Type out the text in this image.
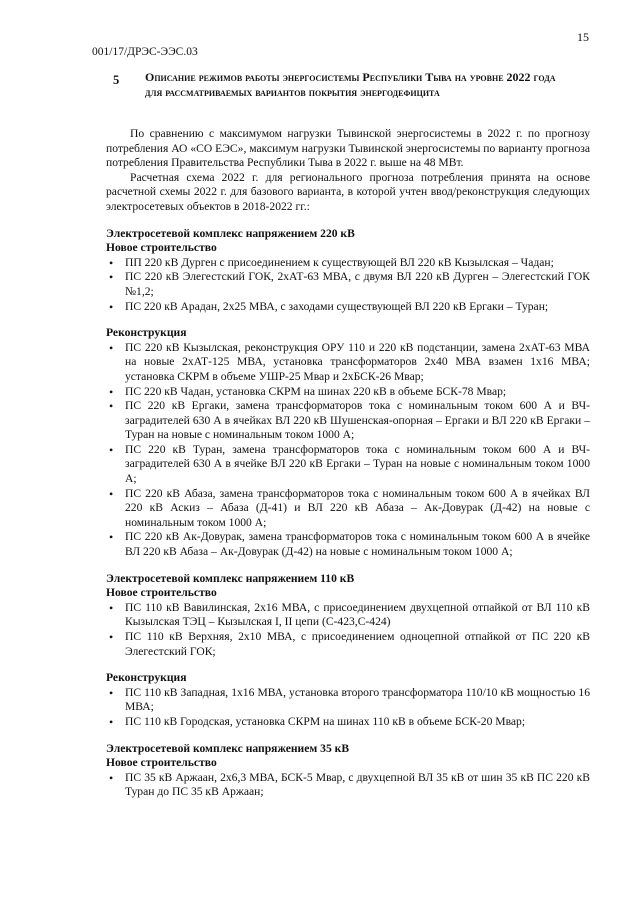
15
001/17/ДРЭС-ЭЭС.03
5 Описание режимов работы энергосистемы Республики Тыва на уровне 2022 года для рассматриваемых вариантов покрытия энергодефицита

По сравнению с максимумом нагрузки Тывинской энергосистемы в 2022 г. по прогнозу потребления АО «СО ЕЭС», максимум нагрузки Тывинской энергосистемы по варианту прогноза потребления Правительства Республики Тыва в 2022 г. выше на 48 МВт.

Расчетная схема 2022 г. для регионального прогноза потребления принята на основе расчетной схемы 2022 г. для базового варианта, в которой учтен ввод/реконструкция следующих электросетевых объектов в 2018-2022 гг.:

Электросетевой комплекс напряжением 220 кВ
Новое строительство
• ПП 220 кВ Дурген с присоединением к существующей ВЛ 220 кВ Кызылская – Чадан;
• ПС 220 кВ Элегестский ГОК, 2хАТ-63 МВА, с двумя ВЛ 220 кВ Дурген – Элегестский ГОК №1,2;
• ПС 220 кВ Арадан, 2х25 МВА, с заходами существующей ВЛ 220 кВ Ергаки – Туран;
Реконструкция
• ПС 220 кВ Кызылская, реконструкция ОРУ 110 и 220 кВ подстанции, замена 2хАТ-63 МВА на новые 2хАТ-125 МВА, установка трансформаторов 2х40 МВА взамен 1х16 МВА; установка СКРМ в объеме УШР-25 Мвар и 2хБСК-26 Мвар;
• ПС 220 кВ Чадан, установка СКРМ на шинах 220 кВ в объеме БСК-78 Мвар;
• ПС 220 кВ Ергаки, замена трансформаторов тока с номинальным током 600 А и ВЧ-заградителей 630 А в ячейках ВЛ 220 кВ Шушенская-опорная – Ергаки и ВЛ 220 кВ Ергаки – Туран на новые с номинальным током 1000 А;
• ПС 220 кВ Туран, замена трансформаторов тока с номинальным током 600 А и ВЧ-заградителей 630 А в ячейке ВЛ 220 кВ Ергаки – Туран на новые с номинальным током 1000 А;
• ПС 220 кВ Абаза, замена трансформаторов тока с номинальным током 600 А в ячейках ВЛ 220 кВ Аскиз – Абаза (Д-41) и ВЛ 220 кВ Абаза – Ак-Довурак (Д-42) на новые с номинальным током 1000 А;
• ПС 220 кВ Ак-Довурак, замена трансформаторов тока с номинальным током 600 А в ячейке ВЛ 220 кВ Абаза – Ак-Довурак (Д-42) на новые с номинальным током 1000 А;
Электросетевой комплекс напряжением 110 кВ
Новое строительство
• ПС 110 кВ Вавилинская, 2х16 МВА, с присоединением двухцепной отпайкой от ВЛ 110 кВ Кызылская ТЭЦ – Кызылская I, II цепи (С-423,С-424)
• ПС 110 кВ Верхняя, 2х10 МВА, с присоединением одноцепной отпайкой от ПС 220 кВ Элегестский ГОК;
Реконструкция
• ПС 110 кВ Западная, 1х16 МВА, установка второго трансформатора 110/10 кВ мощностью 16 МВА;
• ПС 110 кВ Городская, установка СКРМ на шинах 110 кВ в объеме БСК-20 Мвар;
Электросетевой комплекс напряжением 35 кВ
Новое строительство
• ПС 35 кВ Аржаан, 2х6,3 МВА, БСК-5 Мвар, с двухцепной ВЛ 35 кВ от шин 35 кВ ПС 220 кВ Туран до ПС 35 кВ Аржаан;
